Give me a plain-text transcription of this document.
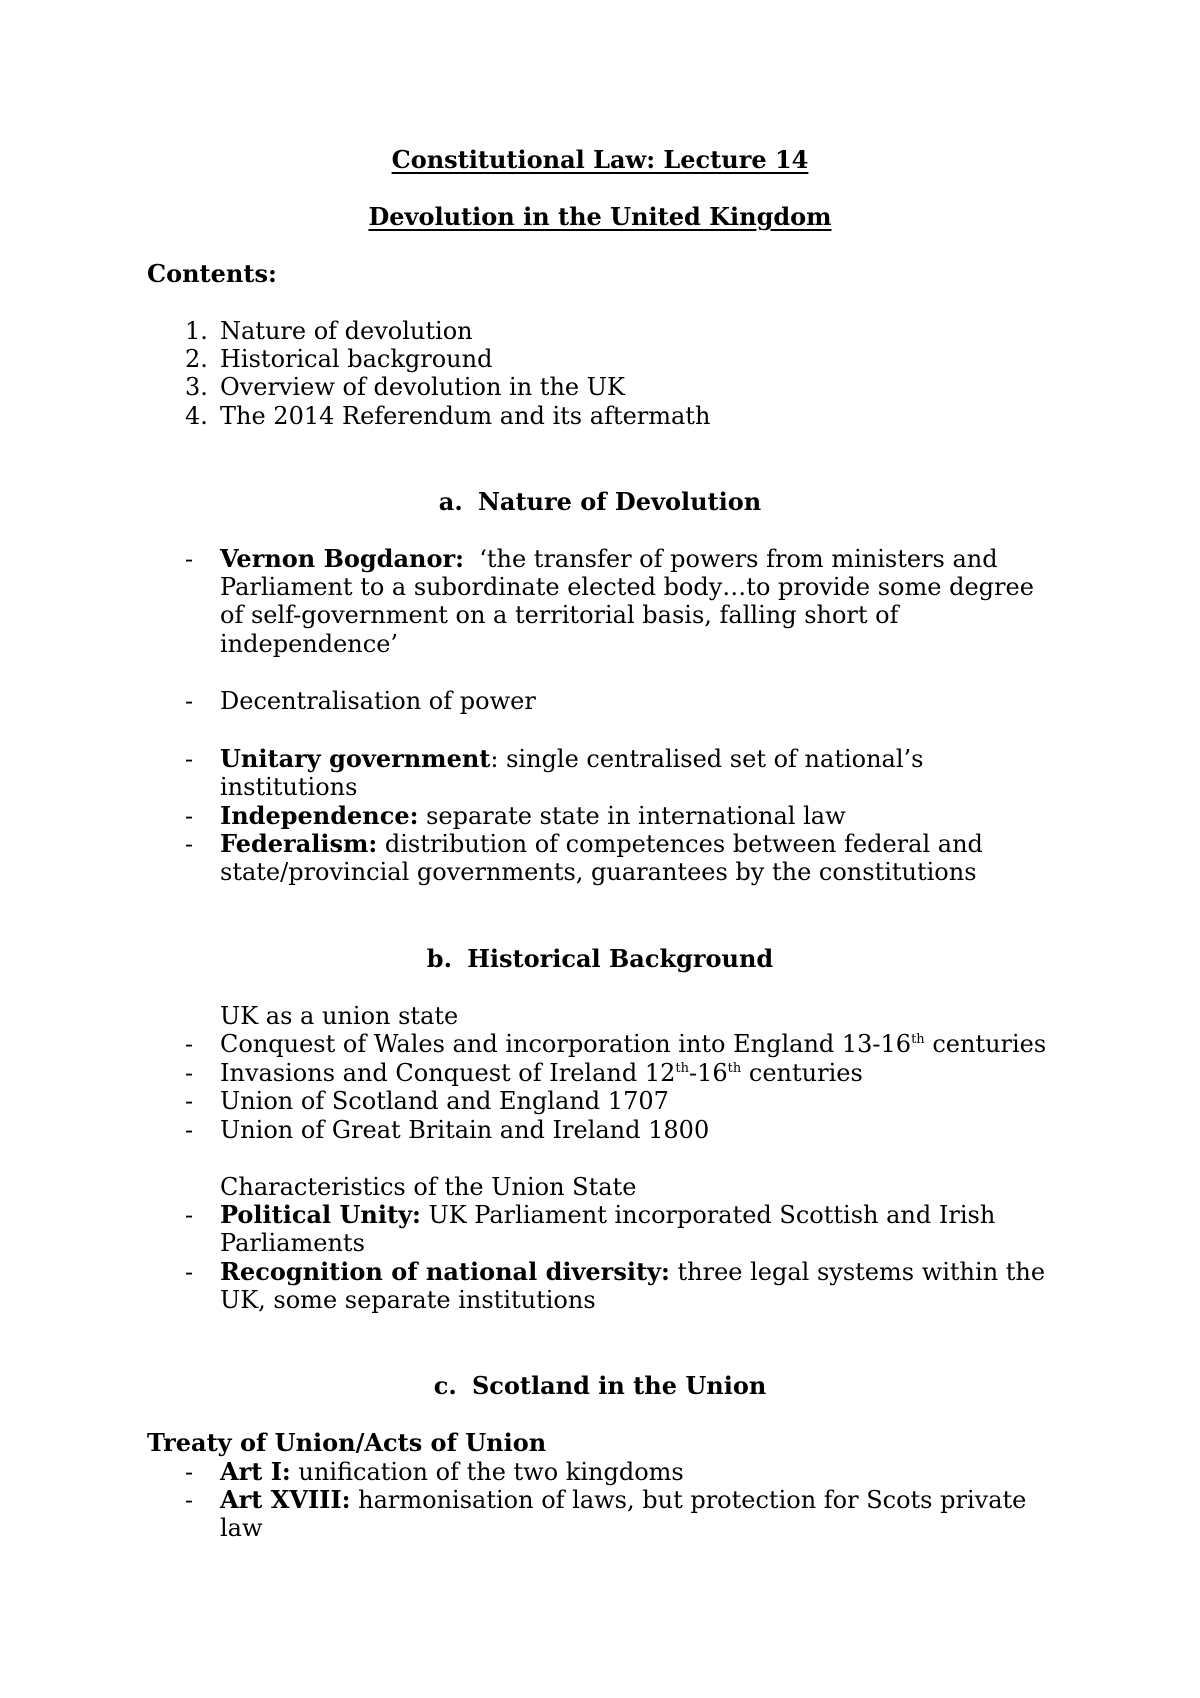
Constitutional Law: Lecture 14
Devolution in the United Kingdom
Contents:
1. Nature of devolution
2. Historical background
3. Overview of devolution in the UK
4. The 2014 Referendum and its aftermath
a. Nature of Devolution
-	Vernon Bogdanor: ‘the transfer of powers from ministers and
Parliament to a subordinate elected body…to provide some degree
of self-government on a territorial basis, falling short of
independence’
-	Decentralisation of power
-	Unitary government: single centralised set of national’s
institutions
-	Independence: separate state in international law
-	Federalism: distribution of competences between federal and
state/provincial governments, guarantees by the constitutions
b. Historical Background
UK as a union state
-	Conquest of Wales and incorporation into England 13-16th centuries
-	Invasions and Conquest of Ireland 12th-16th centuries
-	Union of Scotland and England 1707
-	Union of Great Britain and Ireland 1800
Characteristics of the Union State
-	Political Unity: UK Parliament incorporated Scottish and Irish
Parliaments
-	Recognition of national diversity: three legal systems within the
UK, some separate institutions
c. Scotland in the Union
Treaty of Union/Acts of Union
-	Art I: unification of the two kingdoms
-	Art XVIII: harmonisation of laws, but protection for Scots private
law
